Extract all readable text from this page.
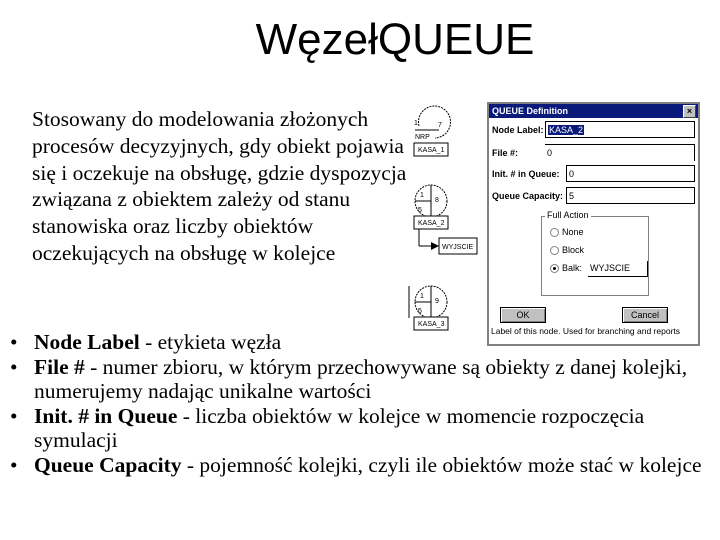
WęzełQUEUE
Stosowany do modelowania złożonych procesów decyzyjnych, gdy obiekt pojawia się i oczekuje na obsługę, gdzie dyspozycja związana z obiektem zależy od stanu stanowiska oraz liczby obiektów oczekujących na obsługę w kolejce
1	7
NRP
KASA_1
1
8
5
KASA_2
WYJSCIE
1
9
5
KASA_3
QUEUE Definition	×
Node Label: KASA_2
File #:	0
Init. # in Queue:	0
Queue Capacity: 5
Full Action
None
Block
Balk: WYJSCIE
OK	Cancel
Label of this node. Used for branching and reports
• Node Label - etykieta węzła
• File # - numer zbioru, w którym przechowywane są obiekty z danej kolejki, numerujemy nadając unikalne wartości
• Init. # in Queue - liczba obiektów w kolejce w momencie rozpoczęcia symulacji
• Queue Capacity - pojemność kolejki, czyli ile obiektów może stać w kolejce
